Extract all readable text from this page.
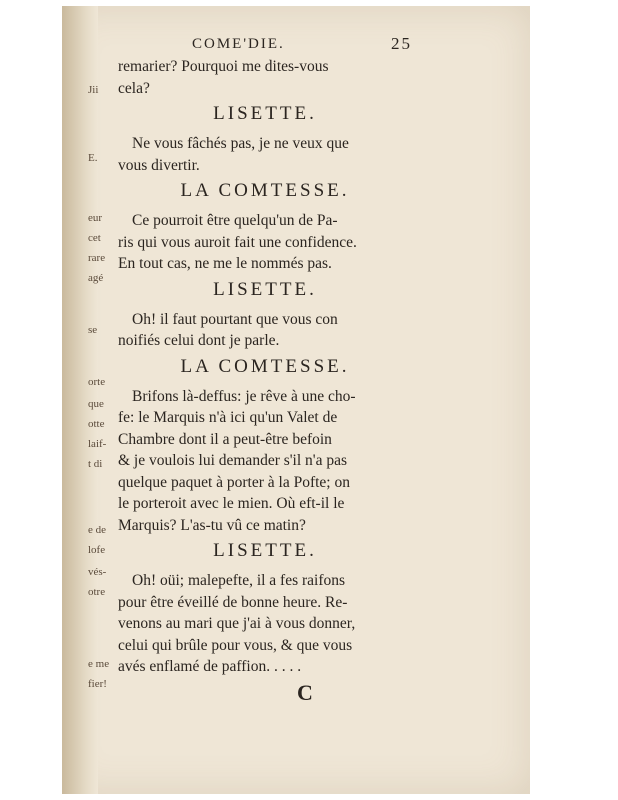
Jii
E.
eur
cet
rare
agé
se
orte
que
otte
laif-
t di
e de
lofe
vés-
otre
e me
fier!
COME'DIE.	25
remarier? Pourquoi me dites-vous
cela?
LISETTE.
Ne vous fâchés pas, je ne veux que
vous divertir.
LA COMTESSE.
Ce pourroit être quelqu'un de Pa-
ris qui vous auroit fait une confidence.
En tout cas, ne me le nommés pas.
LISETTE.
Oh! il faut pourtant que vous con
noifiés celui dont je parle.
LA COMTESSE.
Brifons là-deffus: je rêve à une cho-
fe: le Marquis n'à ici qu'un Valet de
Chambre dont il a peut-être befoin
& je voulois lui demander s'il n'a pas
quelque paquet à porter à la Pofte; on
le porteroit avec le mien. Où eft-il le
Marquis? L'as-tu vû ce matin?
LISETTE.
Oh! oüi; malepefte, il a fes raifons
pour être éveillé de bonne heure. Re-
venons au mari que j'ai à vous donner,
celui qui brûle pour vous, & que vous
avés enflamé de paffion. . . . .
C
